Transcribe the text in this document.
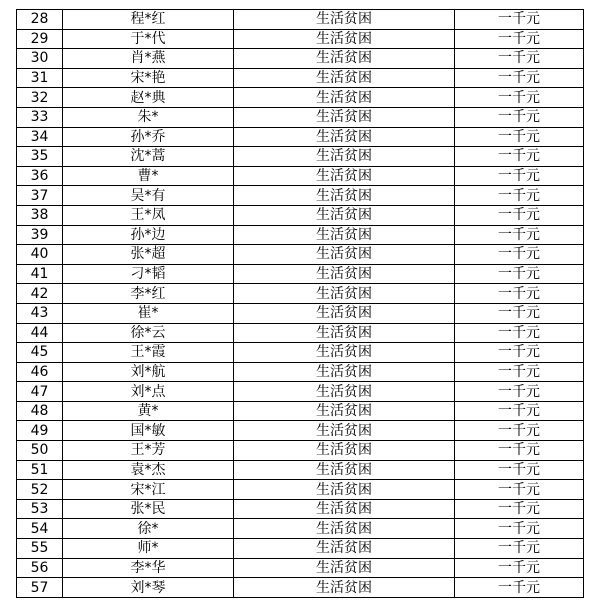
28	程*红	生活贫困	一千元
29	于*代	生活贫困	一千元
30	肖*燕	生活贫困	一千元
31	宋*艳	生活贫困	一千元
32	赵*典	生活贫困	一千元
33	朱*	生活贫困	一千元
34	孙*乔	生活贫困	一千元
35	沈*蒿	生活贫困	一千元
36	曹*	生活贫困	一千元
37	吴*有	生活贫困	一千元
38	王*凤	生活贫困	一千元
39	孙*边	生活贫困	一千元
40	张*超	生活贫困	一千元
41	刁*韬	生活贫困	一千元
42	李*红	生活贫困	一千元
43	崔*	生活贫困	一千元
44	徐*云	生活贫困	一千元
45	王*霞	生活贫困	一千元
46	刘*航	生活贫困	一千元
47	刘*点	生活贫困	一千元
48	黄*	生活贫困	一千元
49	国*敏	生活贫困	一千元
50	王*芳	生活贫困	一千元
51	袁*杰	生活贫困	一千元
52	宋*江	生活贫困	一千元
53	张*民	生活贫困	一千元
54	徐*	生活贫困	一千元
55	师*	生活贫困	一千元
56	李*华	生活贫困	一千元
57	刘*琴	生活贫困	一千元
